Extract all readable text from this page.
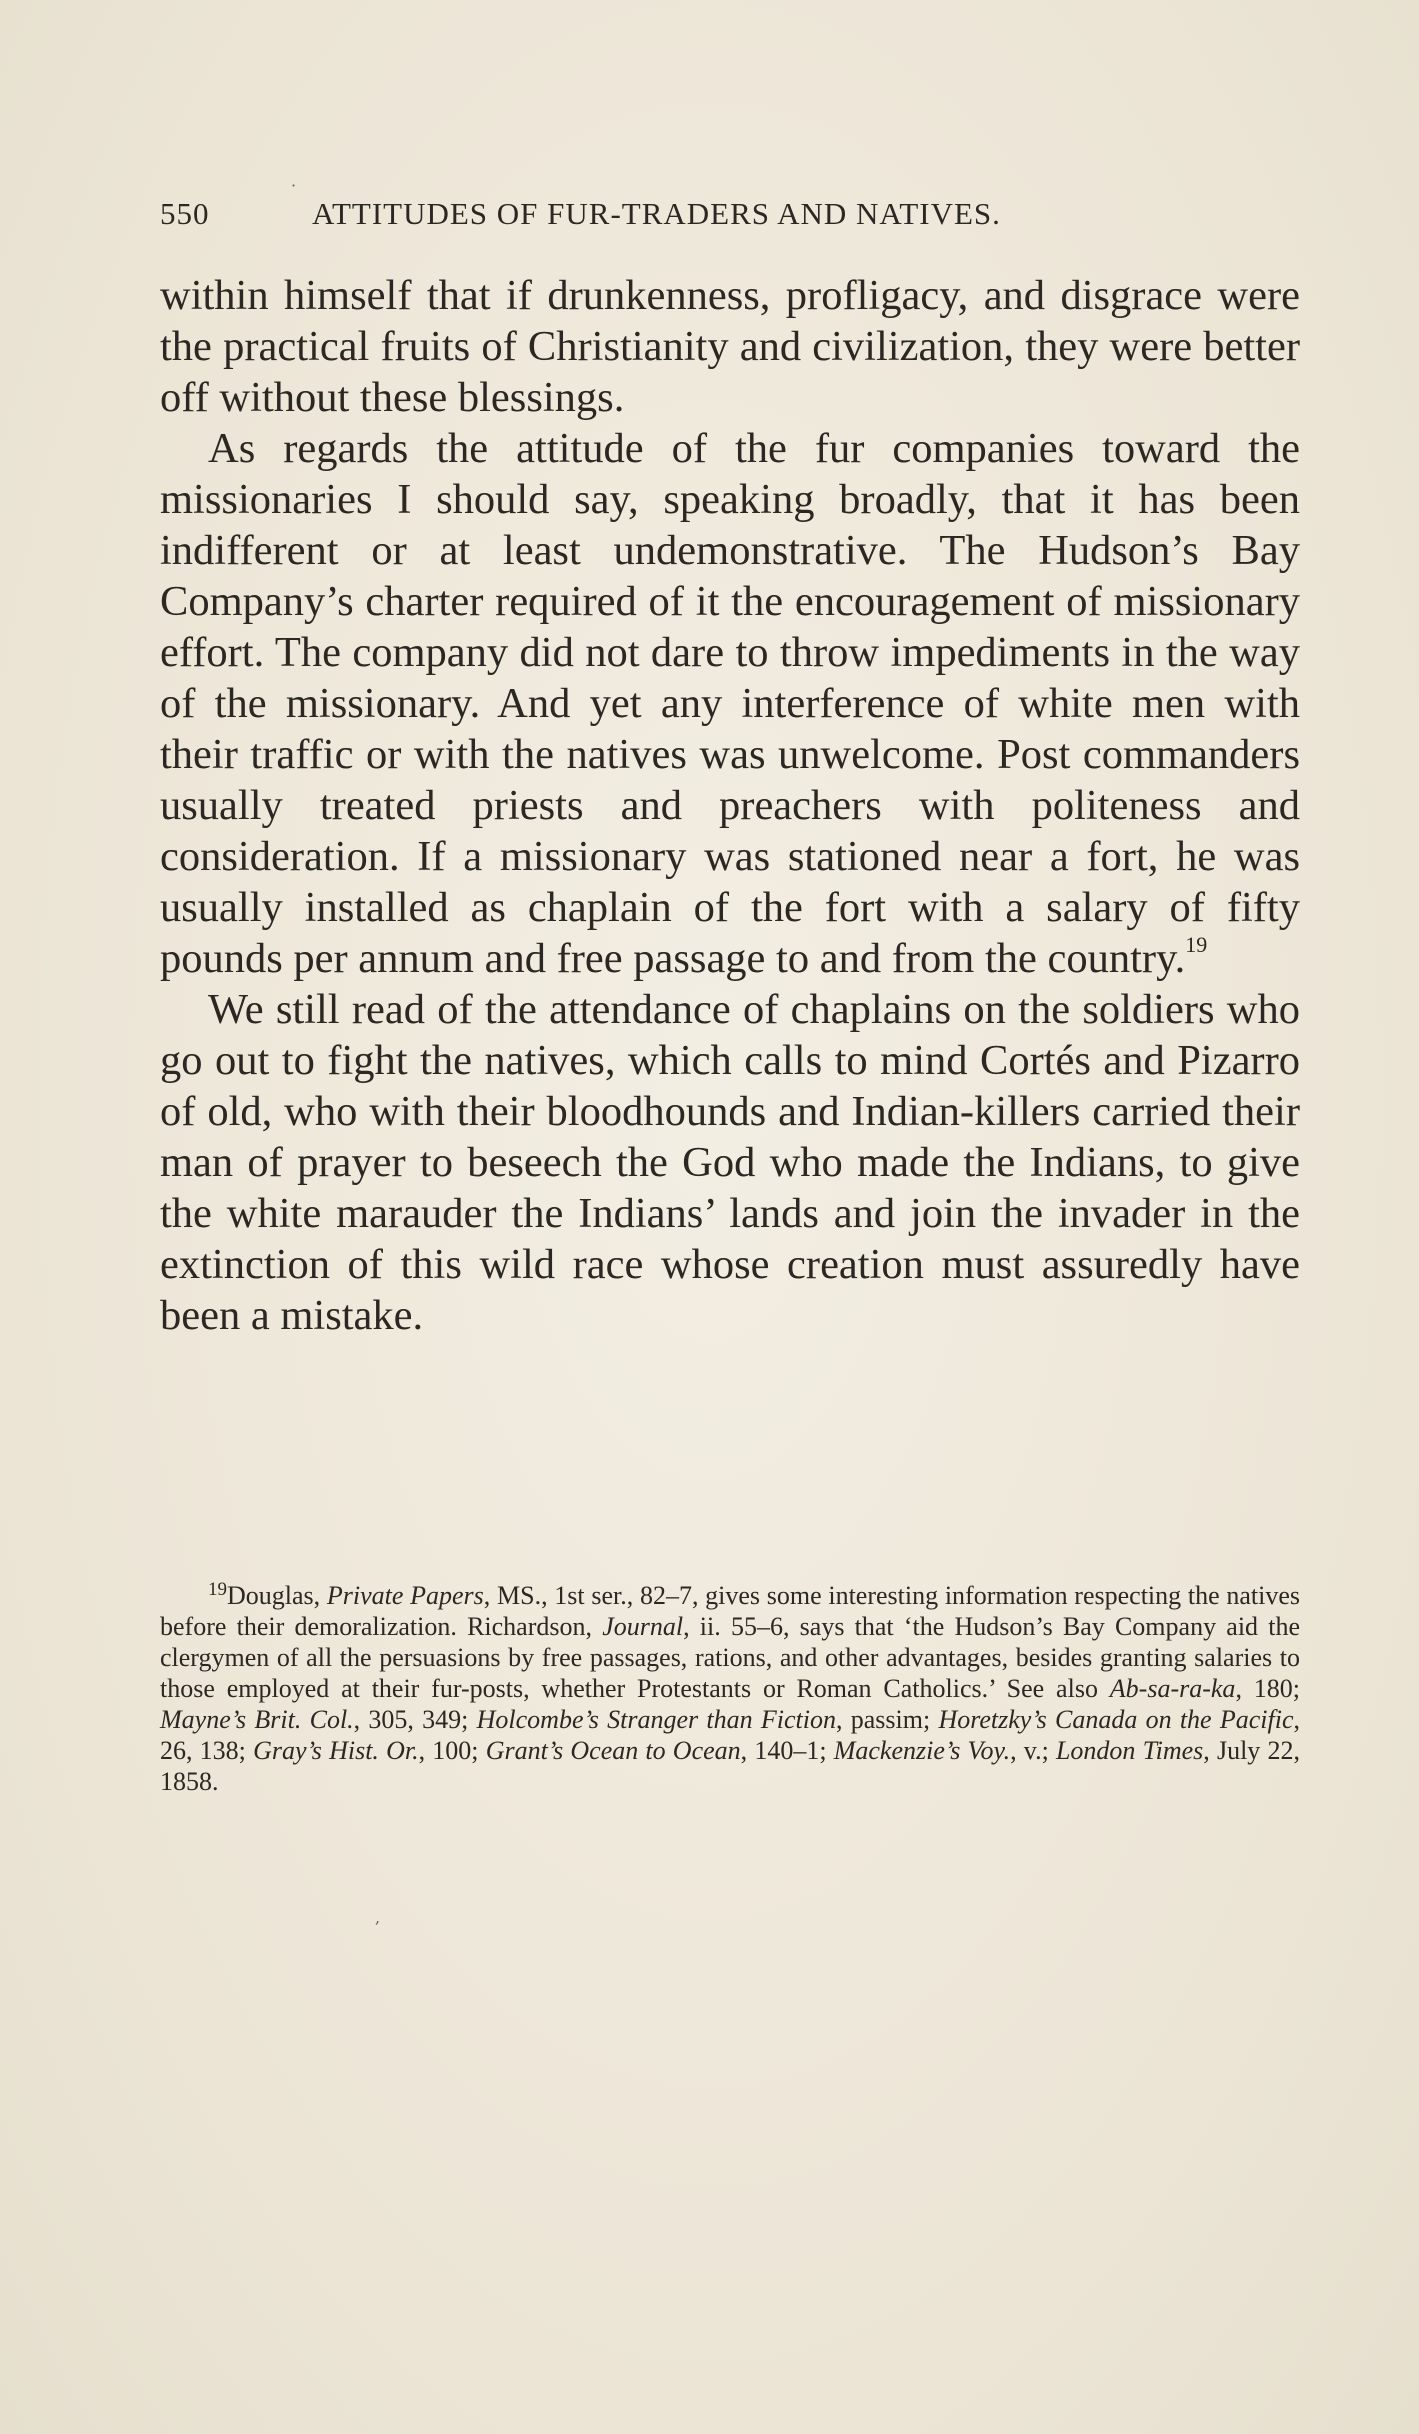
550	ATTITUDES OF FUR-TRADERS AND NATIVES.

within himself that if drunkenness, profligacy, and disgrace were the practical fruits of Christianity and civilization, they were better off without these blessings.

As regards the attitude of the fur companies toward the missionaries I should say, speaking broadly, that it has been indifferent or at least undemonstrative. The Hudson’s Bay Company’s charter required of it the encouragement of missionary effort. The company did not dare to throw impediments in the way of the missionary. And yet any interference of white men with their traffic or with the natives was unwelcome. Post commanders usually treated priests and preachers with politeness and consideration. If a missionary was stationed near a fort, he was usually installed as chaplain of the fort with a salary of fifty pounds per annum and free passage to and from the country.$^{19}$

We still read of the attendance of chaplains on the soldiers who go out to fight the natives, which calls to mind Cortés and Pizarro of old, who with their bloodhounds and Indian-killers carried their man of prayer to beseech the God who made the Indians, to give the white marauder the Indians’ lands and join the invader in the extinction of this wild race whose creation must assuredly have been a mistake.

$^{19}$Douglas, Private Papers, MS., 1st ser., 82–7, gives some interesting information respecting the natives before their demoralization. Richardson, Journal, ii. 55–6, says that ‘the Hudson’s Bay Company aid the clergymen of all the persuasions by free passages, rations, and other advantages, besides granting salaries to those employed at their fur-posts, whether Protestants or Roman Catholics.’ See also Ab-sa-ra-ka, 180; Mayne’s Brit. Col., 305, 349; Holcombe’s Stranger than Fiction, passim; Horetzky’s Canada on the Pacific, 26, 138; Gray’s Hist. Or., 100; Grant’s Ocean to Ocean, 140–1; Mackenzie’s Voy., v.; London Times, July 22, 1858.
·
,
